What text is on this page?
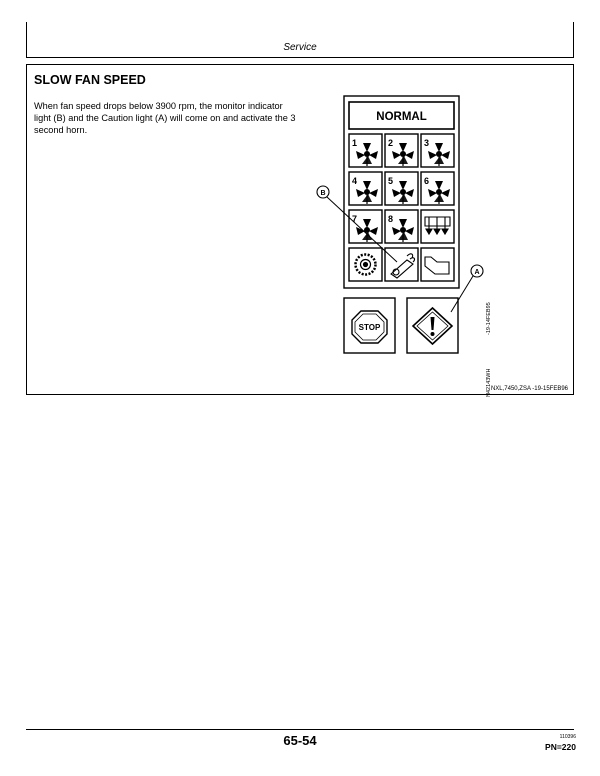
Service
SLOW FAN SPEED
When fan speed drops below 3900 rpm, the monitor indicator light (B) and the Caution light (A) will come on and activate the 3 second horn.
NORMAL
1	2	3
4	5	6
7	8
B
A
STOP	-19-14FEB95
N42143WH
NXL,7450,ZSA -19-15FEB96
65-54	110396
PN=220
